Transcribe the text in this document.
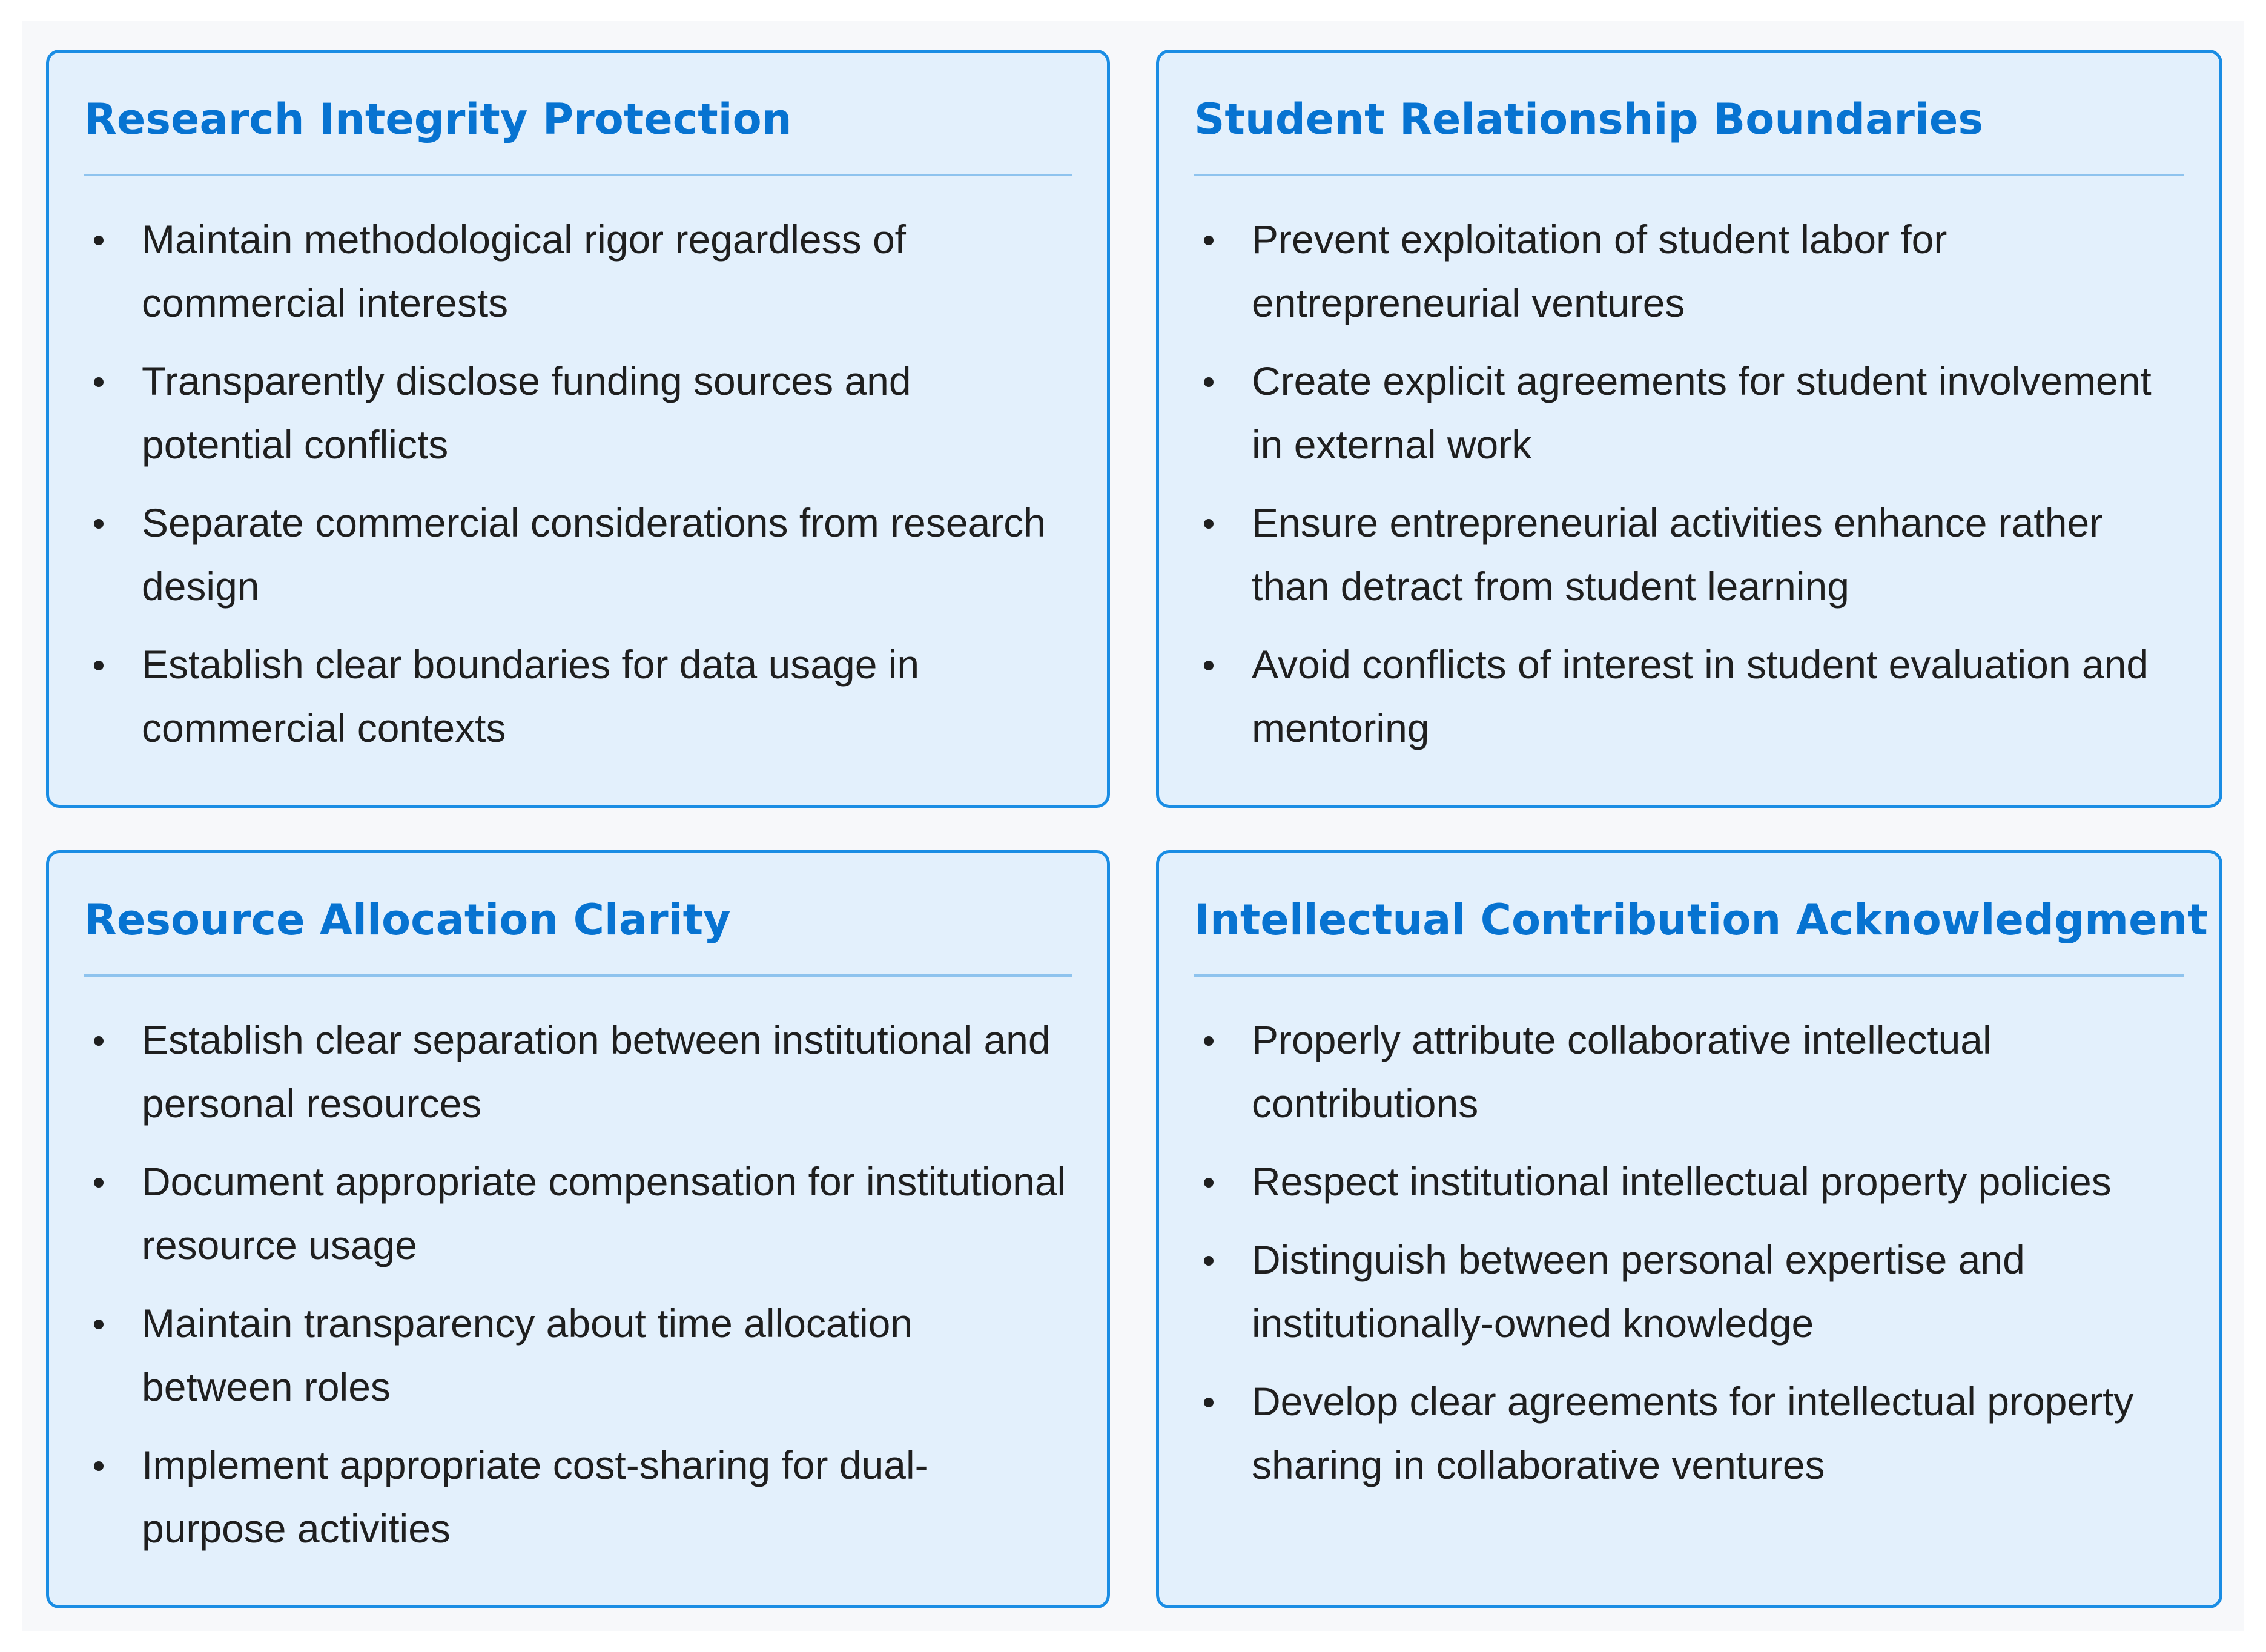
Research Integrity Protection
Maintain methodological rigor regardless of commercial interests
Transparently disclose funding sources and potential conflicts
Separate commercial considerations from research design
Establish clear boundaries for data usage in commercial contexts
Student Relationship Boundaries
Prevent exploitation of student labor for entrepreneurial ventures
Create explicit agreements for student involvement in external work
Ensure entrepreneurial activities enhance rather than detract from student learning
Avoid conflicts of interest in student evaluation and mentoring
Resource Allocation Clarity
Establish clear separation between institutional and personal resources
Document appropriate compensation for institutional resource usage
Maintain transparency about time allocation between roles
Implement appropriate cost-sharing for dual-purpose activities
Intellectual Contribution Acknowledgment
Properly attribute collaborative intellectual contributions
Respect institutional intellectual property policies
Distinguish between personal expertise and institutionally-owned knowledge
Develop clear agreements for intellectual property sharing in collaborative ventures
